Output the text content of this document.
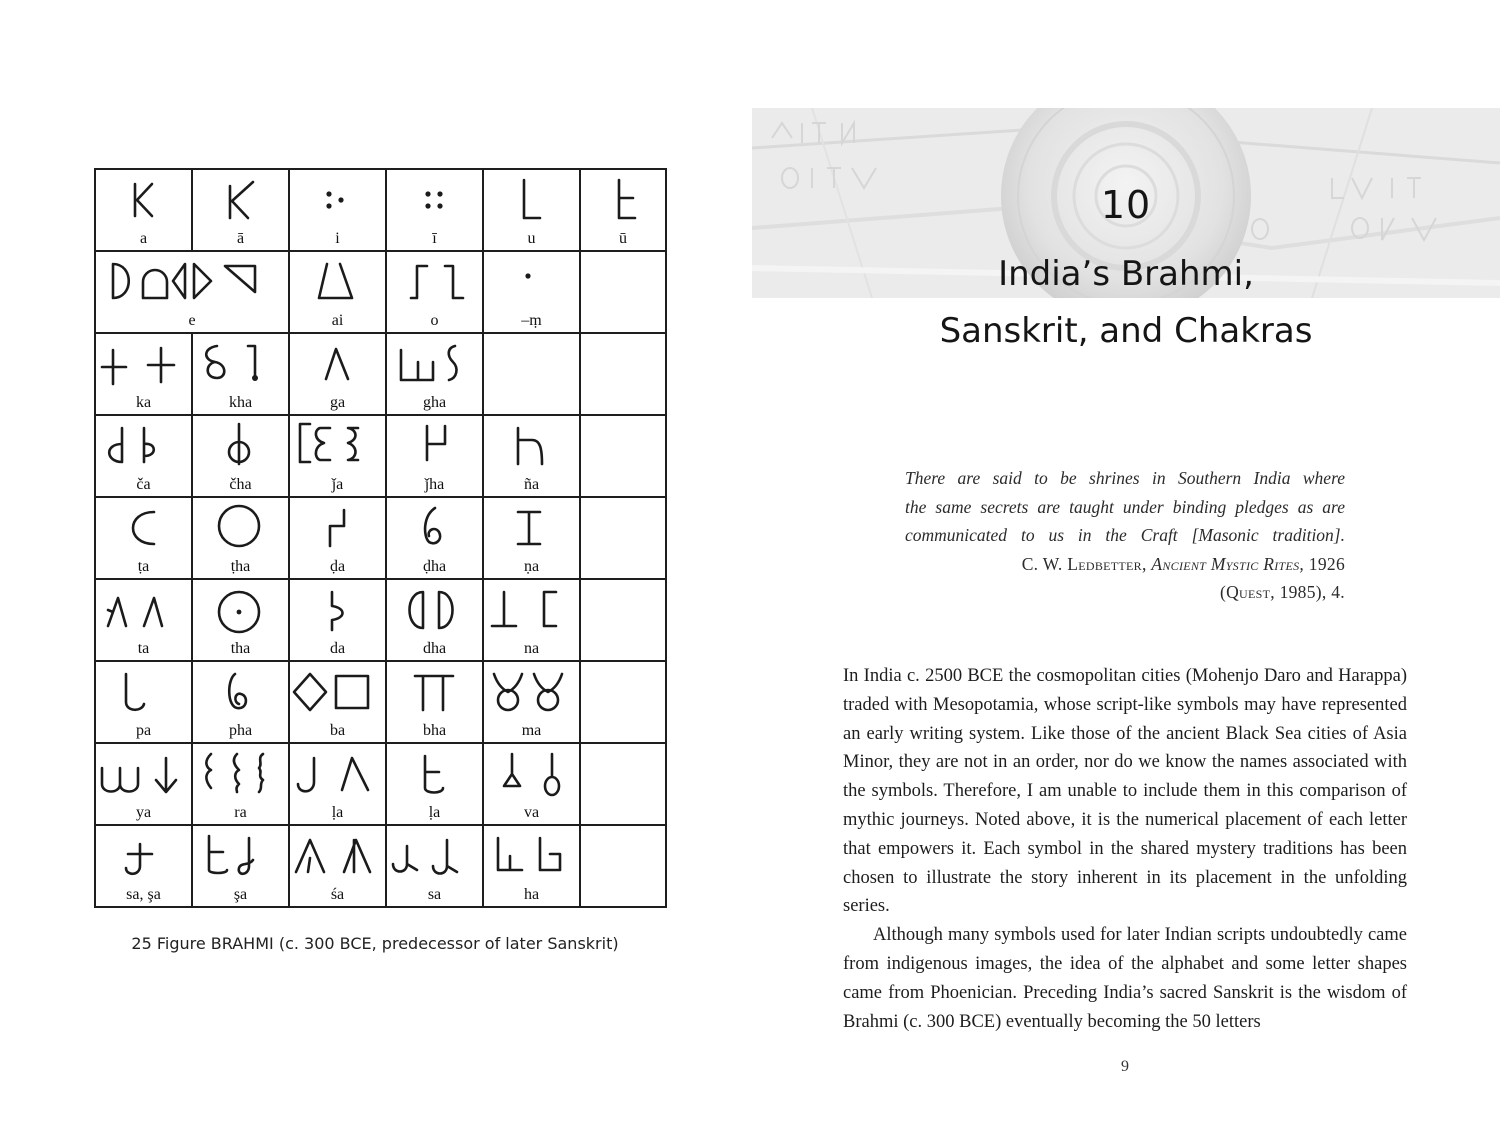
a	ā	i	ī	u	ū

e		ai	o	–ṃ	

ka	kha	ga	gha		

ča	čha	ǰa	ǰha	ña	

ṭa	ṭha	ḍa	ḍha	ṇa	

ta	tha	da	dha	na	

pa	pha	ba	bha	ma	

ya	ra	ḷa	ḷa	va	

sa, şa	şa	śa	sa	ha	

25 Figure BRAHMI (c. 300 BCE, predecessor of later Sanskrit)
10
India’s Brahmi,
Sanskrit, and Chakras
There are said to be shrines in Southern India where
the same secrets are taught under binding pledges as are
communicated to us in the Craft [Masonic tradition].
C. W. Ledbetter, Ancient Mystic Rites, 1926
(Quest, 1985), 4.

In India c. 2500 BCE the cosmopolitan cities (Mohenjo Daro and Harappa) traded with Mesopotamia, whose script-like symbols may have represented an early writing system. Like those of the ancient Black Sea cities of Asia Minor, they are not in an order, nor do we know the names associated with the symbols. Therefore, I am unable to include them in this comparison of mythic journeys. Noted above, it is the numerical placement of each letter that empowers it. Each symbol in the shared mystery traditions has been chosen to illustrate the story inherent in its placement in the unfolding series.

Although many symbols used for later Indian scripts undoubtedly came from indigenous images, the idea of the alphabet and some letter shapes came from Phoenician. Preceding India’s sacred Sanskrit is the wisdom of Brahmi (c. 300 BCE) eventually becoming the 50 letters

9
